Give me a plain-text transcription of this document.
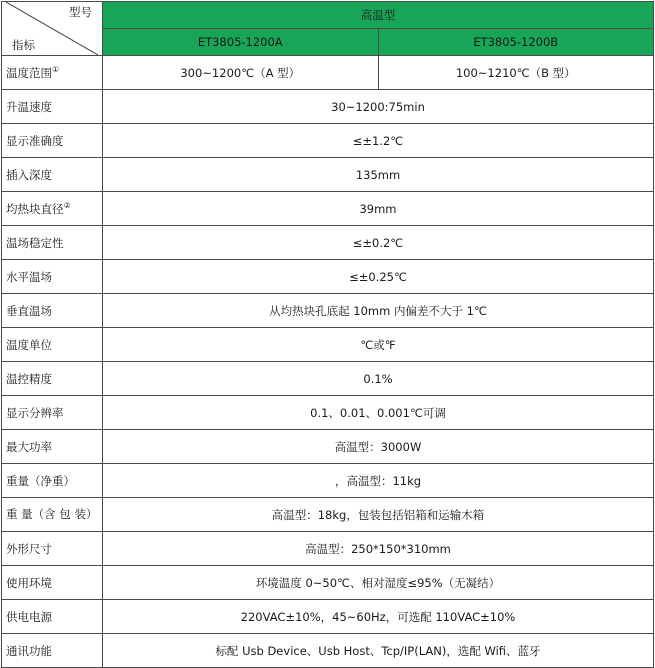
型号
指标	高温型	
	ET3805-1200A	ET3805-1200B
温度范围①	300~1200℃（A 型）	100~1210℃（B 型）
升温速度	30~1200:75min	
显示准确度	≤±1.2℃	
插入深度	135mm	
均热块直径②	39mm	
温场稳定性	≤±0.2℃	
水平温场	≤±0.25℃	
垂直温场	从均热块孔底起 10mm 内偏差不大于 1℃	
温度单位	℃或℉	
温控精度	0.1%	
显示分辨率	0.1、0.01、0.001℃可调	
最大功率	高温型：3000W	
重量（净重）	，高温型：11kg	
重 量（含 包 装）	高温型：18kg，包装包括铝箱和运输木箱	
外形尺寸	高温型：250*150*310mm	
使用环境	环境温度 0~50℃、相对湿度≤95%（无凝结）	
供电电源	220VAC±10%，45~60Hz，可选配 110VAC±10%	
通讯功能	标配 Usb Device、Usb Host、Tcp/IP(LAN)，选配 Wifi、蓝牙	
